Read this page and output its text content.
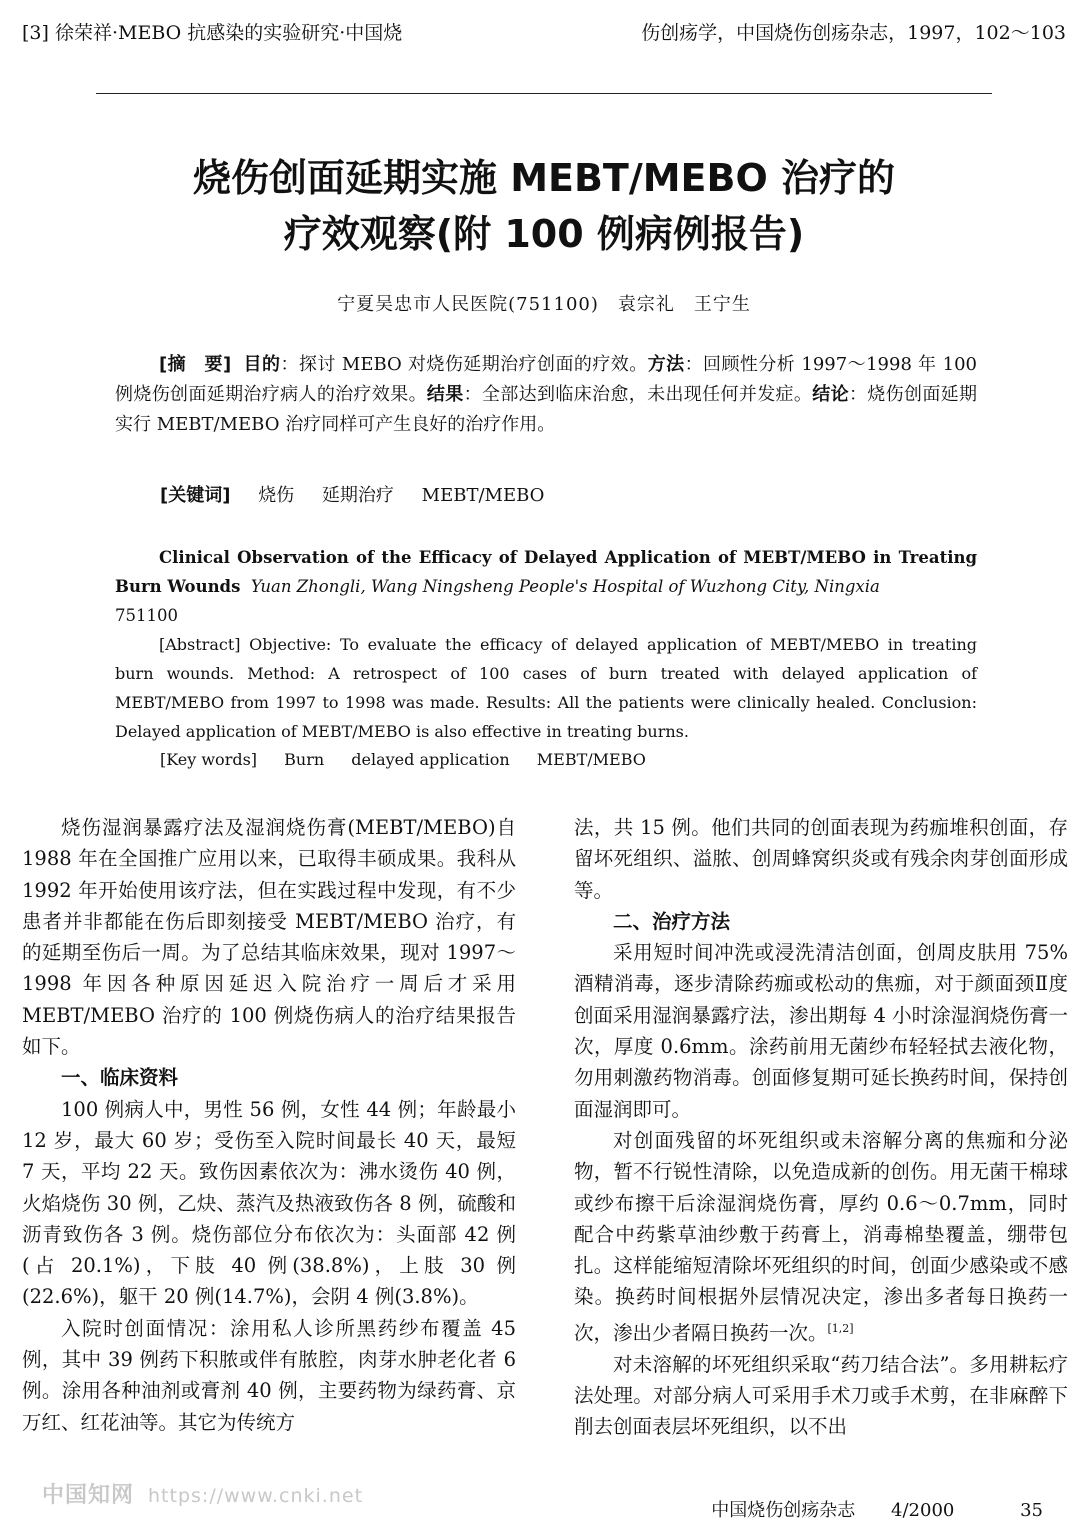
[3] 徐荣祥·MEBO 抗感染的实验研究·中国烧	伤创疡学，中国烧伤创疡杂志，1997，102～103
烧伤创面延期实施 MEBT/MEBO 治疗的
疗效观察(附 100 例病例报告)
宁夏吴忠市人民医院(751100)　袁宗礼　王宁生
[摘　要] 目的：探讨 MEBO 对烧伤延期治疗创面的疗效。方法：回顾性分析 1997～1998 年 100 例烧伤创面延期治疗病人的治疗效果。结果：全部达到临床治愈，未出现任何并发症。结论：烧伤创面延期实行 MEBT/MEBO 治疗同样可产生良好的治疗作用。
[关键词] 烧伤 延期治疗 MEBT/MEBO
Clinical Observation of the Efficacy of Delayed Application of MEBT/MEBO in Treating Burn Wounds Yuan Zhongli, Wang Ningsheng People's Hospital of Wuzhong City, Ningxia
751100
[Abstract] Objective: To evaluate the efficacy of delayed application of MEBT/MEBO in treating burn wounds. Method: A retrospect of 100 cases of burn treated with delayed application of MEBT/MEBO from 1997 to 1998 was made. Results: All the patients were clinically healed. Conclusion: Delayed application of MEBT/MEBO is also effective in treating burns.
[Key words] Burn delayed application MEBT/MEBO

烧伤湿润暴露疗法及湿润烧伤膏(MEBT/MEBO)自 1988 年在全国推广应用以来，已取得丰硕成果。我科从 1992 年开始使用该疗法，但在实践过程中发现，有不少患者并非都能在伤后即刻接受 MEBT/MEBO 治疗，有的延期至伤后一周。为了总结其临床效果，现对 1997～1998 年因各种原因延迟入院治疗一周后才采用 MEBT/MEBO 治疗的 100 例烧伤病人的治疗结果报告如下。

一、临床资料

100 例病人中，男性 56 例，女性 44 例；年龄最小 12 岁，最大 60 岁；受伤至入院时间最长 40 天，最短 7 天，平均 22 天。致伤因素依次为：沸水烫伤 40 例，火焰烧伤 30 例，乙炔、蒸汽及热液致伤各 8 例，硫酸和沥青致伤各 3 例。烧伤部位分布依次为：头面部 42 例(占 20.1%)，下肢 40 例(38.8%)，上肢 30 例(22.6%)，躯干 20 例(14.7%)，会阴 4 例(3.8%)。

入院时创面情况：涂用私人诊所黑药纱布覆盖 45 例，其中 39 例药下积脓或伴有脓腔，肉芽水肿老化者 6 例。涂用各种油剂或膏剂 40 例，主要药物为绿药膏、京万红、红花油等。其它为传统方

法，共 15 例。他们共同的创面表现为药痂堆积创面，存留坏死组织、溢脓、创周蜂窝织炎或有残余肉芽创面形成等。

二、治疗方法

采用短时间冲洗或浸洗清洁创面，创周皮肤用 75%酒精消毒，逐步清除药痂或松动的焦痂，对于颜面颈Ⅱ度创面采用湿润暴露疗法，渗出期每 4 小时涂湿润烧伤膏一次，厚度 0.6mm。涂药前用无菌纱布轻轻拭去液化物，勿用刺激药物消毒。创面修复期可延长换药时间，保持创面湿润即可。

对创面残留的坏死组织或未溶解分离的焦痂和分泌物，暂不行锐性清除，以免造成新的创伤。用无菌干棉球或纱布擦干后涂湿润烧伤膏，厚约 0.6～0.7mm，同时配合中药紫草油纱敷于药膏上，消毒棉垫覆盖，绷带包扎。这样能缩短清除坏死组织的时间，创面少感染或不感染。换药时间根据外层情况决定，渗出多者每日换药一次，渗出少者隔日换药一次。[1,2]

对未溶解的坏死组织采取“药刀结合法”。多用耕耘疗法处理。对部分病人可采用手术刀或手术剪，在非麻醉下削去创面表层坏死组织，以不出

中国知网 https://www.cnki.net
中国烧伤创疡杂志 4/2000	35
